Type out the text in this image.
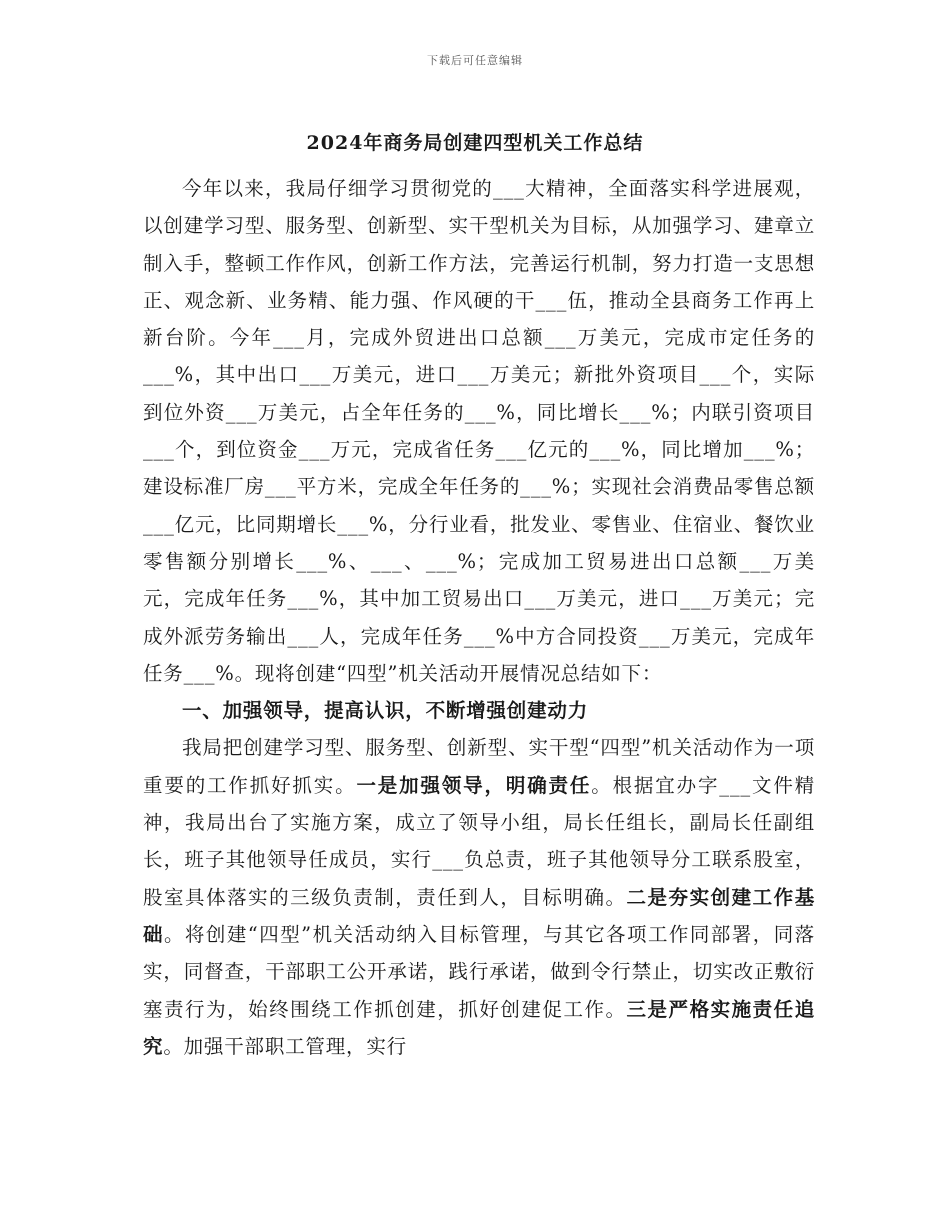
下载后可任意编辑
2024年商务局创建四型机关工作总结

今年以来，我局仔细学习贯彻党的___大精神，全面落实科学进展观，以创建学习型、服务型、创新型、实干型机关为目标，从加强学习、建章立制入手，整顿工作作风，创新工作方法，完善运行机制，努力打造一支思想正、观念新、业务精、能力强、作风硬的干___伍，推动全县商务工作再上新台阶。今年___月，完成外贸进出口总额___万美元，完成市定任务的___%，其中出口___万美元，进口___万美元；新批外资项目___个，实际到位外资___万美元，占全年任务的___%，同比增长___%；内联引资项目___个，到位资金___万元，完成省任务___亿元的___%，同比增加___%；建设标准厂房___平方米，完成全年任务的___%；实现社会消费品零售总额___亿元，比同期增长___%，分行业看，批发业、零售业、住宿业、餐饮业零售额分别增长___%、___、___%；完成加工贸易进出口总额___万美元，完成年任务___%，其中加工贸易出口___万美元，进口___万美元；完成外派劳务输出___人，完成年任务___%中方合同投资___万美元，完成年任务___%。现将创建“四型”机关活动开展情况总结如下：

一、加强领导，提高认识，不断增强创建动力

我局把创建学习型、服务型、创新型、实干型“四型”机关活动作为一项重要的工作抓好抓实。一是加强领导，明确责任。根据宜办字___文件精神，我局出台了实施方案，成立了领导小组，局长任组长，副局长任副组长，班子其他领导任成员，实行___负总责，班子其他领导分工联系股室，股室具体落实的三级负责制，责任到人，目标明确。二是夯实创建工作基础。将创建“四型”机关活动纳入目标管理，与其它各项工作同部署，同落实，同督查，干部职工公开承诺，践行承诺，做到令行禁止，切实改正敷衍塞责行为，始终围绕工作抓创建，抓好创建促工作。三是严格实施责任追究。加强干部职工管理，实行
